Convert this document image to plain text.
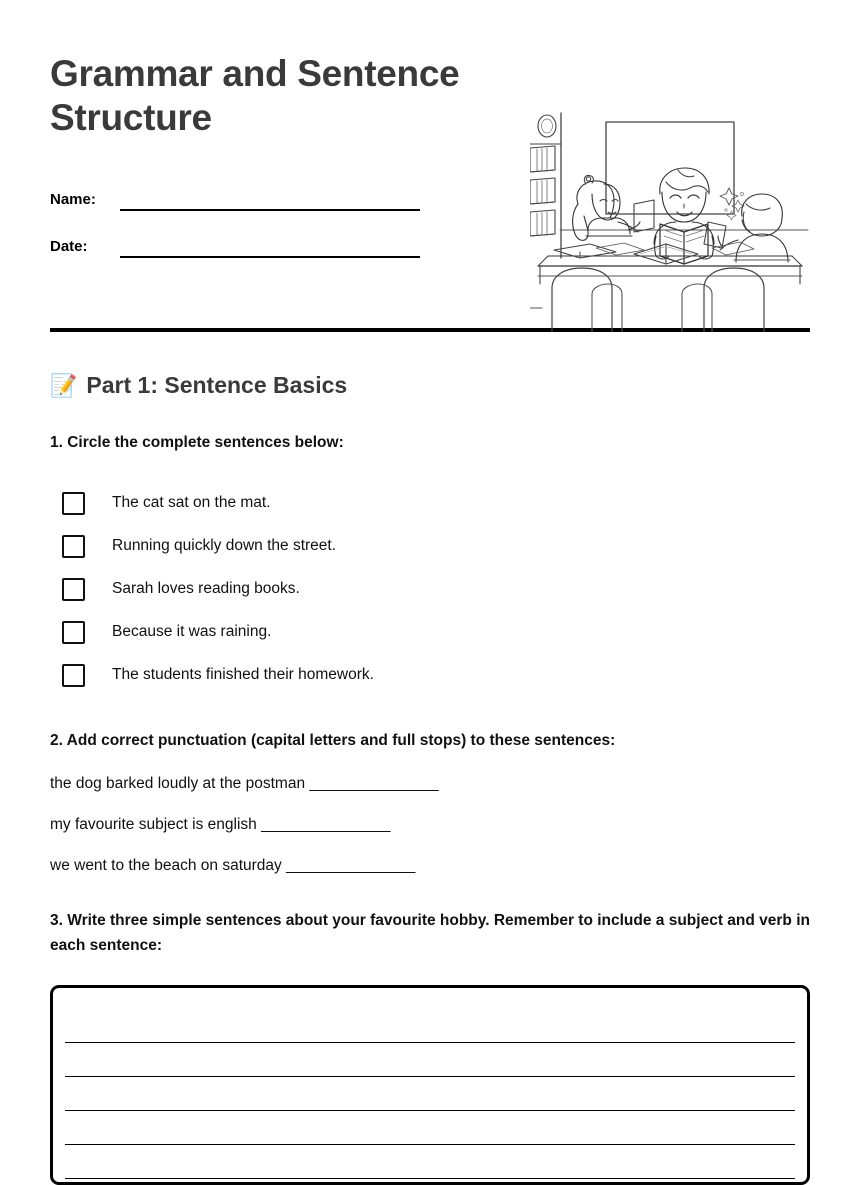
Grammar and Sentence Structure
Name:
Date:
📝 Part 1: Sentence Basics

1. Circle the complete sentences below:

The cat sat on the mat.
Running quickly down the street.
Sarah loves reading books.
Because it was raining.
The students finished their homework.

2. Add correct punctuation (capital letters and full stops) to these sentences:

the dog barked loudly at the postman _______________
my favourite subject is english _______________
we went to the beach on saturday _______________

3. Write three simple sentences about your favourite hobby. Remember to include a subject and verb in each sentence:
